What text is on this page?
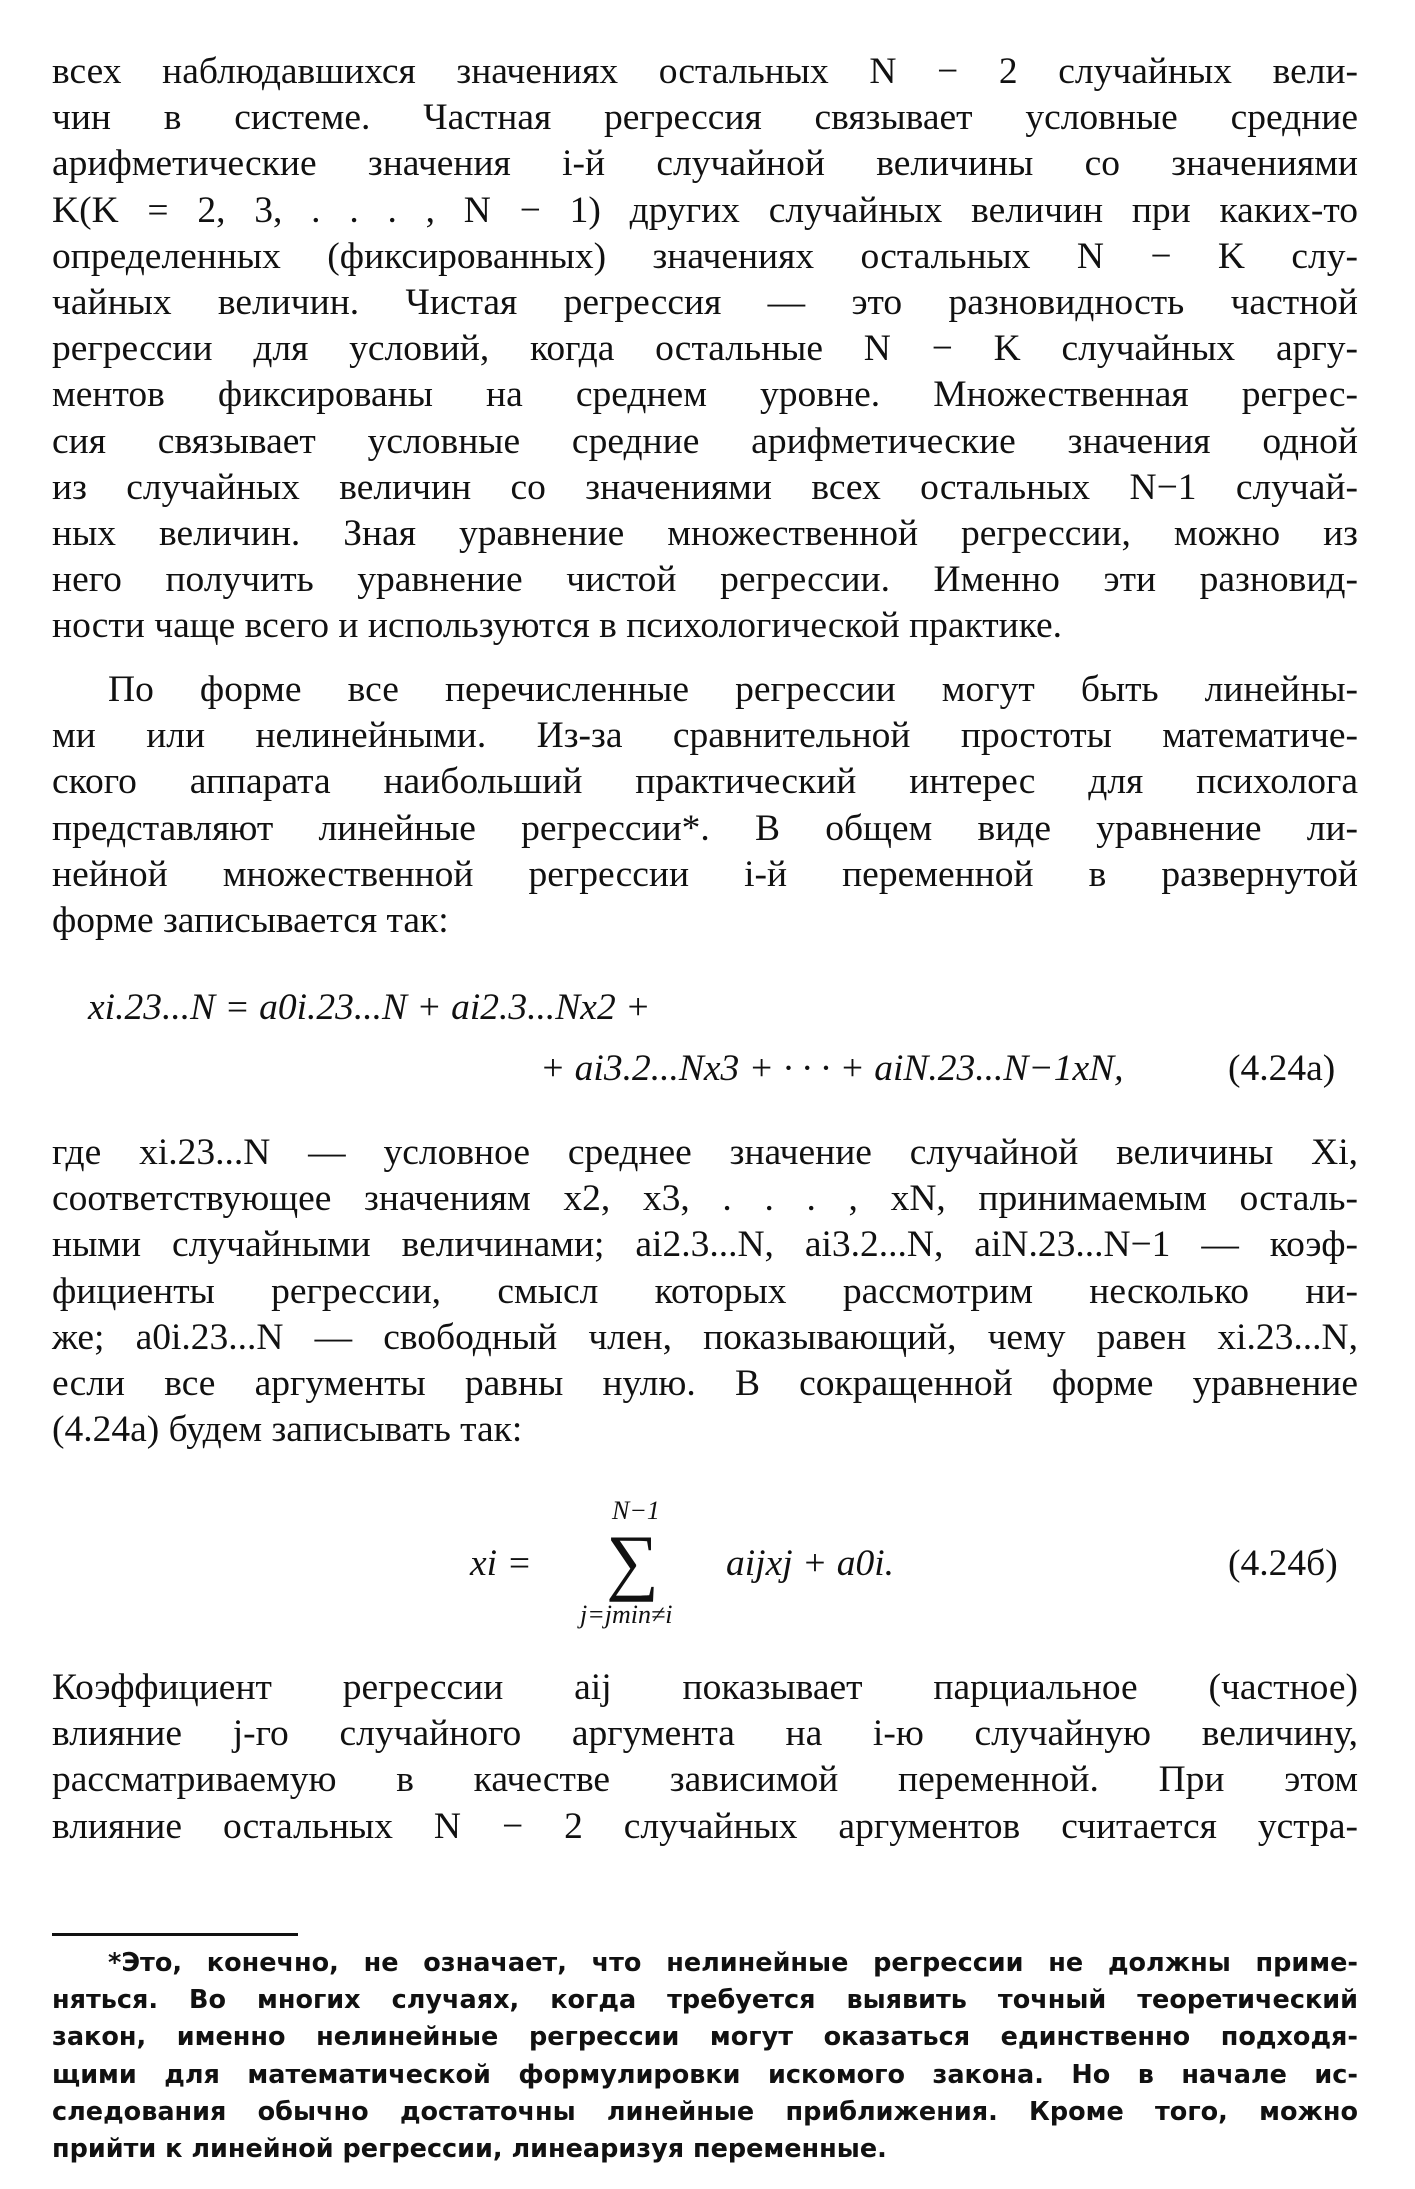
всех наблюдавшихся значениях остальных N − 2 случайных вели-
чин в системе. Частная регрессия связывает условные средние
арифметические значения i-й случайной величины со значениями
K(K = 2, 3, . . . , N − 1) других случайных величин при каких-то
определенных (фиксированных) значениях остальных N − K слу-
чайных величин. Чистая регрессия — это разновидность частной
регрессии для условий, когда остальные N − K случайных аргу-
ментов фиксированы на среднем уровне. Множественная регрес-
сия связывает условные средние арифметические значения одной
из случайных величин со значениями всех остальных N−1 случай-
ных величин. Зная уравнение множественной регрессии, можно из
него получить уравнение чистой регрессии. Именно эти разновид-
ности чаще всего и используются в психологической практике.
По форме все перечисленные регрессии могут быть линейны-
ми или нелинейными. Из-за сравнительной простоты математиче-
ского аппарата наибольший практический интерес для психолога
представляют линейные регрессии*. В общем виде уравнение ли-
нейной множественной регрессии i-й переменной в развернутой
форме записывается так:
xi.23...N = a0i.23...N + ai2.3...Nx2 +
+ ai3.2...Nx3 + · · · + aiN.23...N−1xN,	(4.24а)
где xi.23...N — условное среднее значение случайной величины Xi,
соответствующее значениям x2, x3, . . . , xN, принимаемым осталь-
ными случайными величинами; ai2.3...N, ai3.2...N, aiN.23...N−1 — коэф-
фициенты регрессии, смысл которых рассмотрим несколько ни-
же; a0i.23...N — свободный член, показывающий, чему равен xi.23...N,
если все аргументы равны нулю. В сокращенной форме уравнение
(4.24а) будем записывать так:
xi =
N−1
∑
j=jmin≠i
aijxj + a0i.	(4.24б)
Коэффициент регрессии aij показывает парциальное (частное)
влияние j-го случайного аргумента на i-ю случайную величину,
рассматриваемую в качестве зависимой переменной. При этом
влияние остальных N − 2 случайных аргументов считается устра-
*Это, конечно, не означает, что нелинейные регрессии не должны приме-
няться. Во многих случаях, когда требуется выявить точный теоретический
закон, именно нелинейные регрессии могут оказаться единственно подходя-
щими для математической формулировки искомого закона. Но в начале ис-
следования обычно достаточны линейные приближения. Кроме того, можно
прийти к линейной регрессии, линеаризуя переменные.
